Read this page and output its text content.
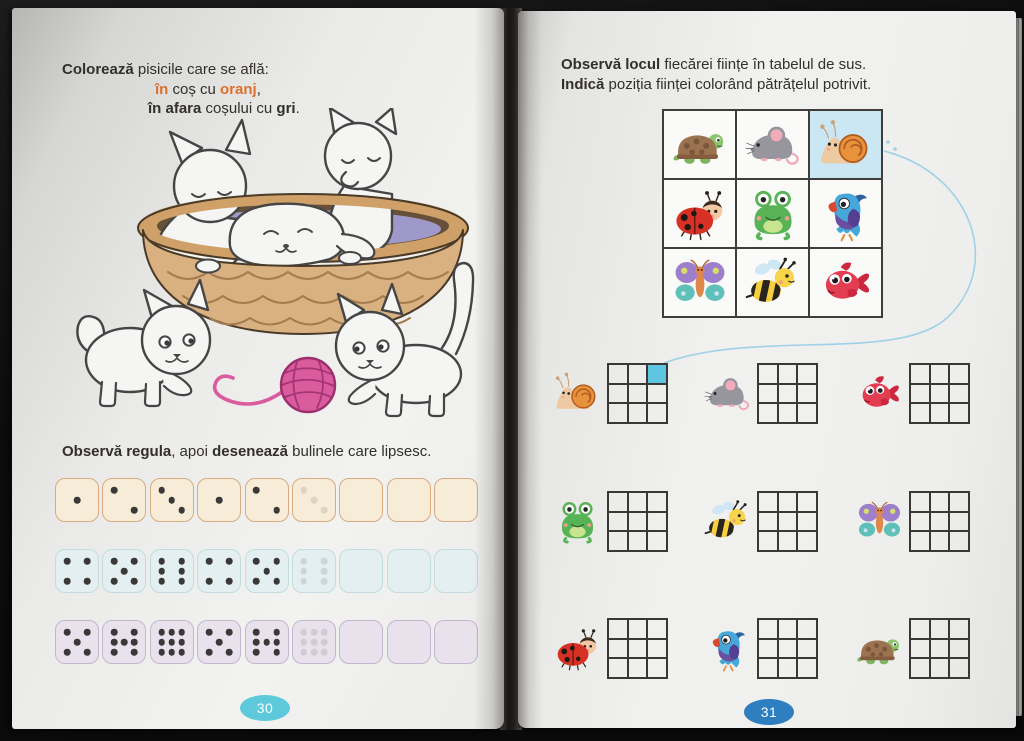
Colorează pisicile care se află:
în coș cu oranj,
în afara coșului cu gri.
Observă regula, apoi desenează bulinele care lipsesc.
30
Observă locul fiecărei ființe în tabelul de sus.
Indică poziția ființei colorând pătrățelul potrivit.
31
